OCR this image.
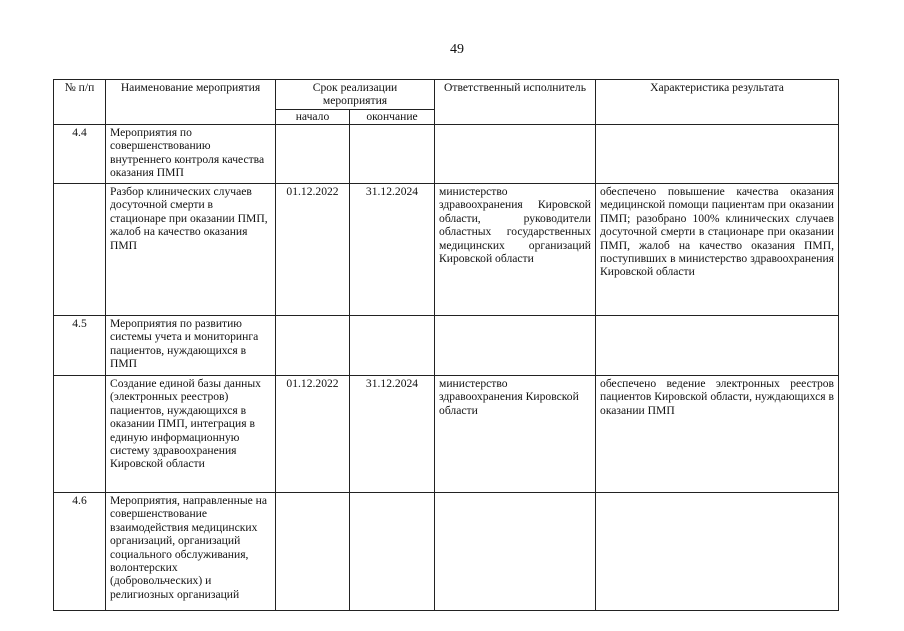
49
№ п/п	Наименование мероприятия	Срок реализации мероприятия		Ответственный исполнитель	Характеристика результата
		начало	окончание		
4.4	Мероприятия по совершенствованию внутреннего контроля качества оказания ПМП				
	Разбор клинических случаев досуточной смерти в стационаре при оказании ПМП, жалоб на качество оказания ПМП	01.12.2022	31.12.2024	министерство здравоохранения Кировской области, руководители областных государственных медицинских организаций Кировской области	обеспечено повышение качества оказания медицинской помощи пациентам при оказании ПМП; разобрано 100% клинических случаев досуточной смерти в стационаре при оказании ПМП, жалоб на качество оказания ПМП, поступивших в министерство здравоохранения Кировской области
4.5	Мероприятия по развитию системы учета и мониторинга пациентов, нуждающихся в ПМП				
	Создание единой базы данных (электронных реестров) пациентов, нуждающихся в оказании ПМП, интеграция в единую информационную систему здравоохранения Кировской области	01.12.2022	31.12.2024	министерство здравоохранения Кировской области	обеспечено ведение электронных реестров пациентов Кировской области, нуждающихся в оказании ПМП
4.6	Мероприятия, направленные на совершенствование взаимодействия медицинских организаций, организаций социального обслуживания, волонтерских (добровольческих) и религиозных организаций				
